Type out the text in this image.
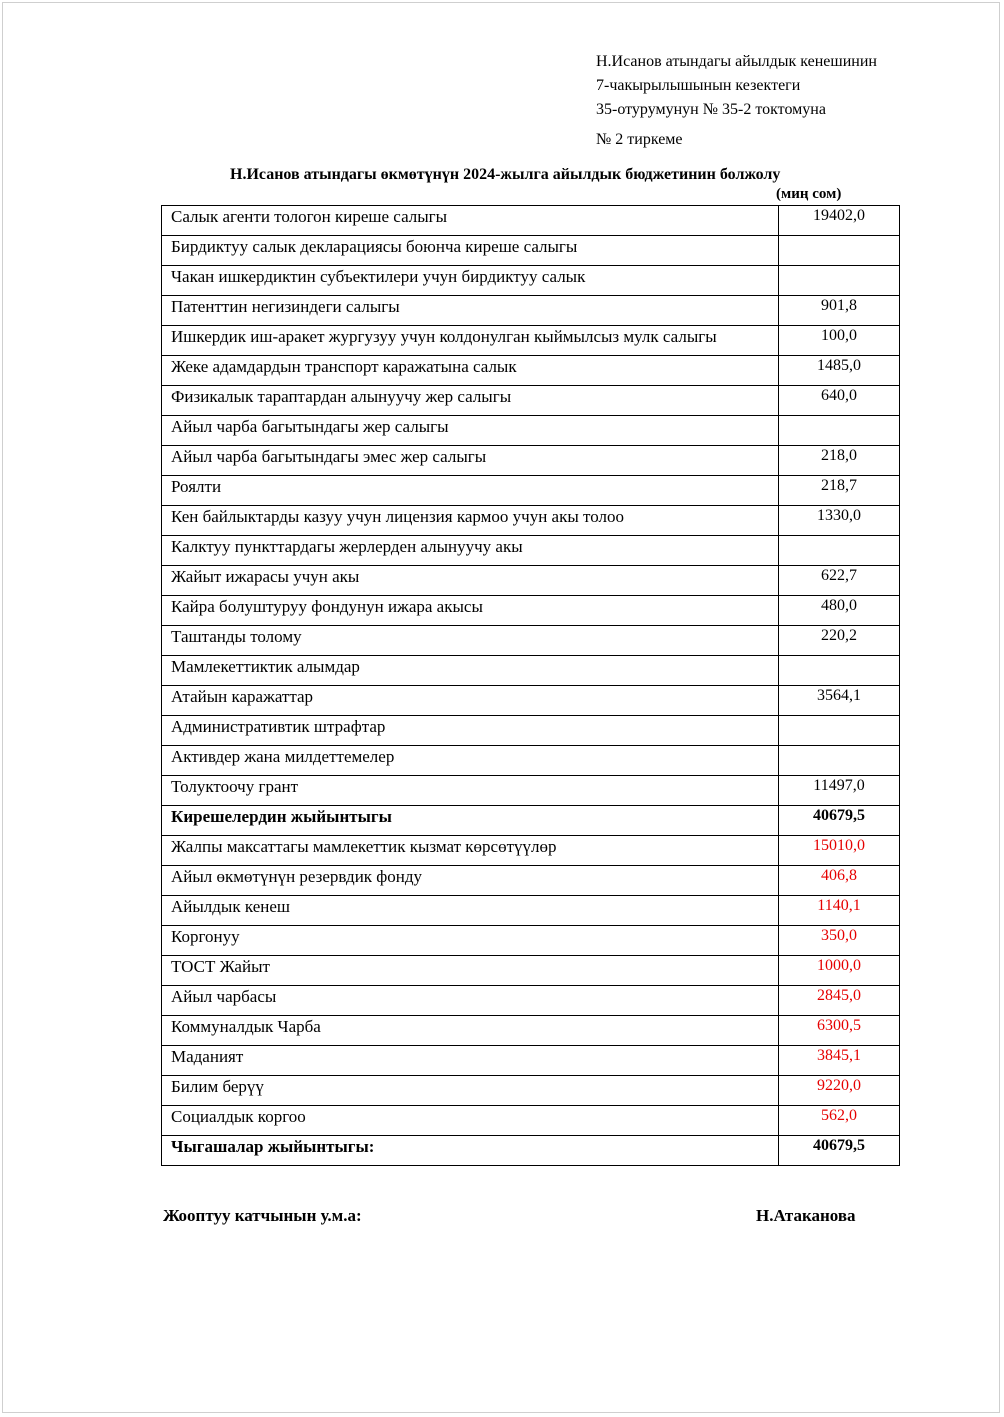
Н.Исанов атындагы айылдык кенешинин
7-чакырылышынын кезектеги
35-отурумунун № 35-2 токтомуна
№ 2 тиркеме
Н.Исанов атындагы өкмөтүнүн 2024-жылга айылдык бюджетинин болжолу
(миң сом)
Салык агенти тологон киреше салыгы	19402,0
Бирдиктуу салык декларациясы боюнча киреше салыгы	
Чакан ишкердиктин субъектилери учун бирдиктуу салык	
Патенттин негизиндеги салыгы	901,8
Ишкердик иш-аракет жургузуу учун колдонулган кыймылсыз мулк салыгы	100,0
Жеке адамдардын транспорт каражатына салык	1485,0
Физикалык тараптардан алынуучу жер салыгы	640,0
Айыл чарба багытындагы жер салыгы	
Айыл чарба багытындагы эмес жер салыгы	218,0
Роялти	218,7
Кен байлыктарды казуу учун лицензия кармоо учун акы толоо	1330,0
Калктуу пункттардагы жерлерден алынуучу акы	
Жайыт ижарасы учун акы	622,7
Кайра болуштуруу фондунун ижара акысы	480,0
Таштанды толому	220,2
Мамлекеттиктик алымдар	
Атайын каражаттар	3564,1
Административтик штрафтар	
Активдер жана милдеттемелер	
Толуктоочу грант	11497,0
Кирешелердин жыйынтыгы	40679,5
Жалпы максаттагы мамлекеттик кызмат көрсөтүүлөр	15010,0
Айыл өкмөтүнүн резервдик фонду	406,8
Айылдык кенеш	1140,1
Коргонуу	350,0
ТОСТ Жайыт	1000,0
Айыл чарбасы	2845,0
Коммуналдык Чарба	6300,5
Маданият	3845,1
Билим берүү	9220,0
Социалдык коргоо	562,0
Чыгашалар жыйынтыгы:	40679,5
Жооптуу катчынын у.м.а:	Н.Атаканова
